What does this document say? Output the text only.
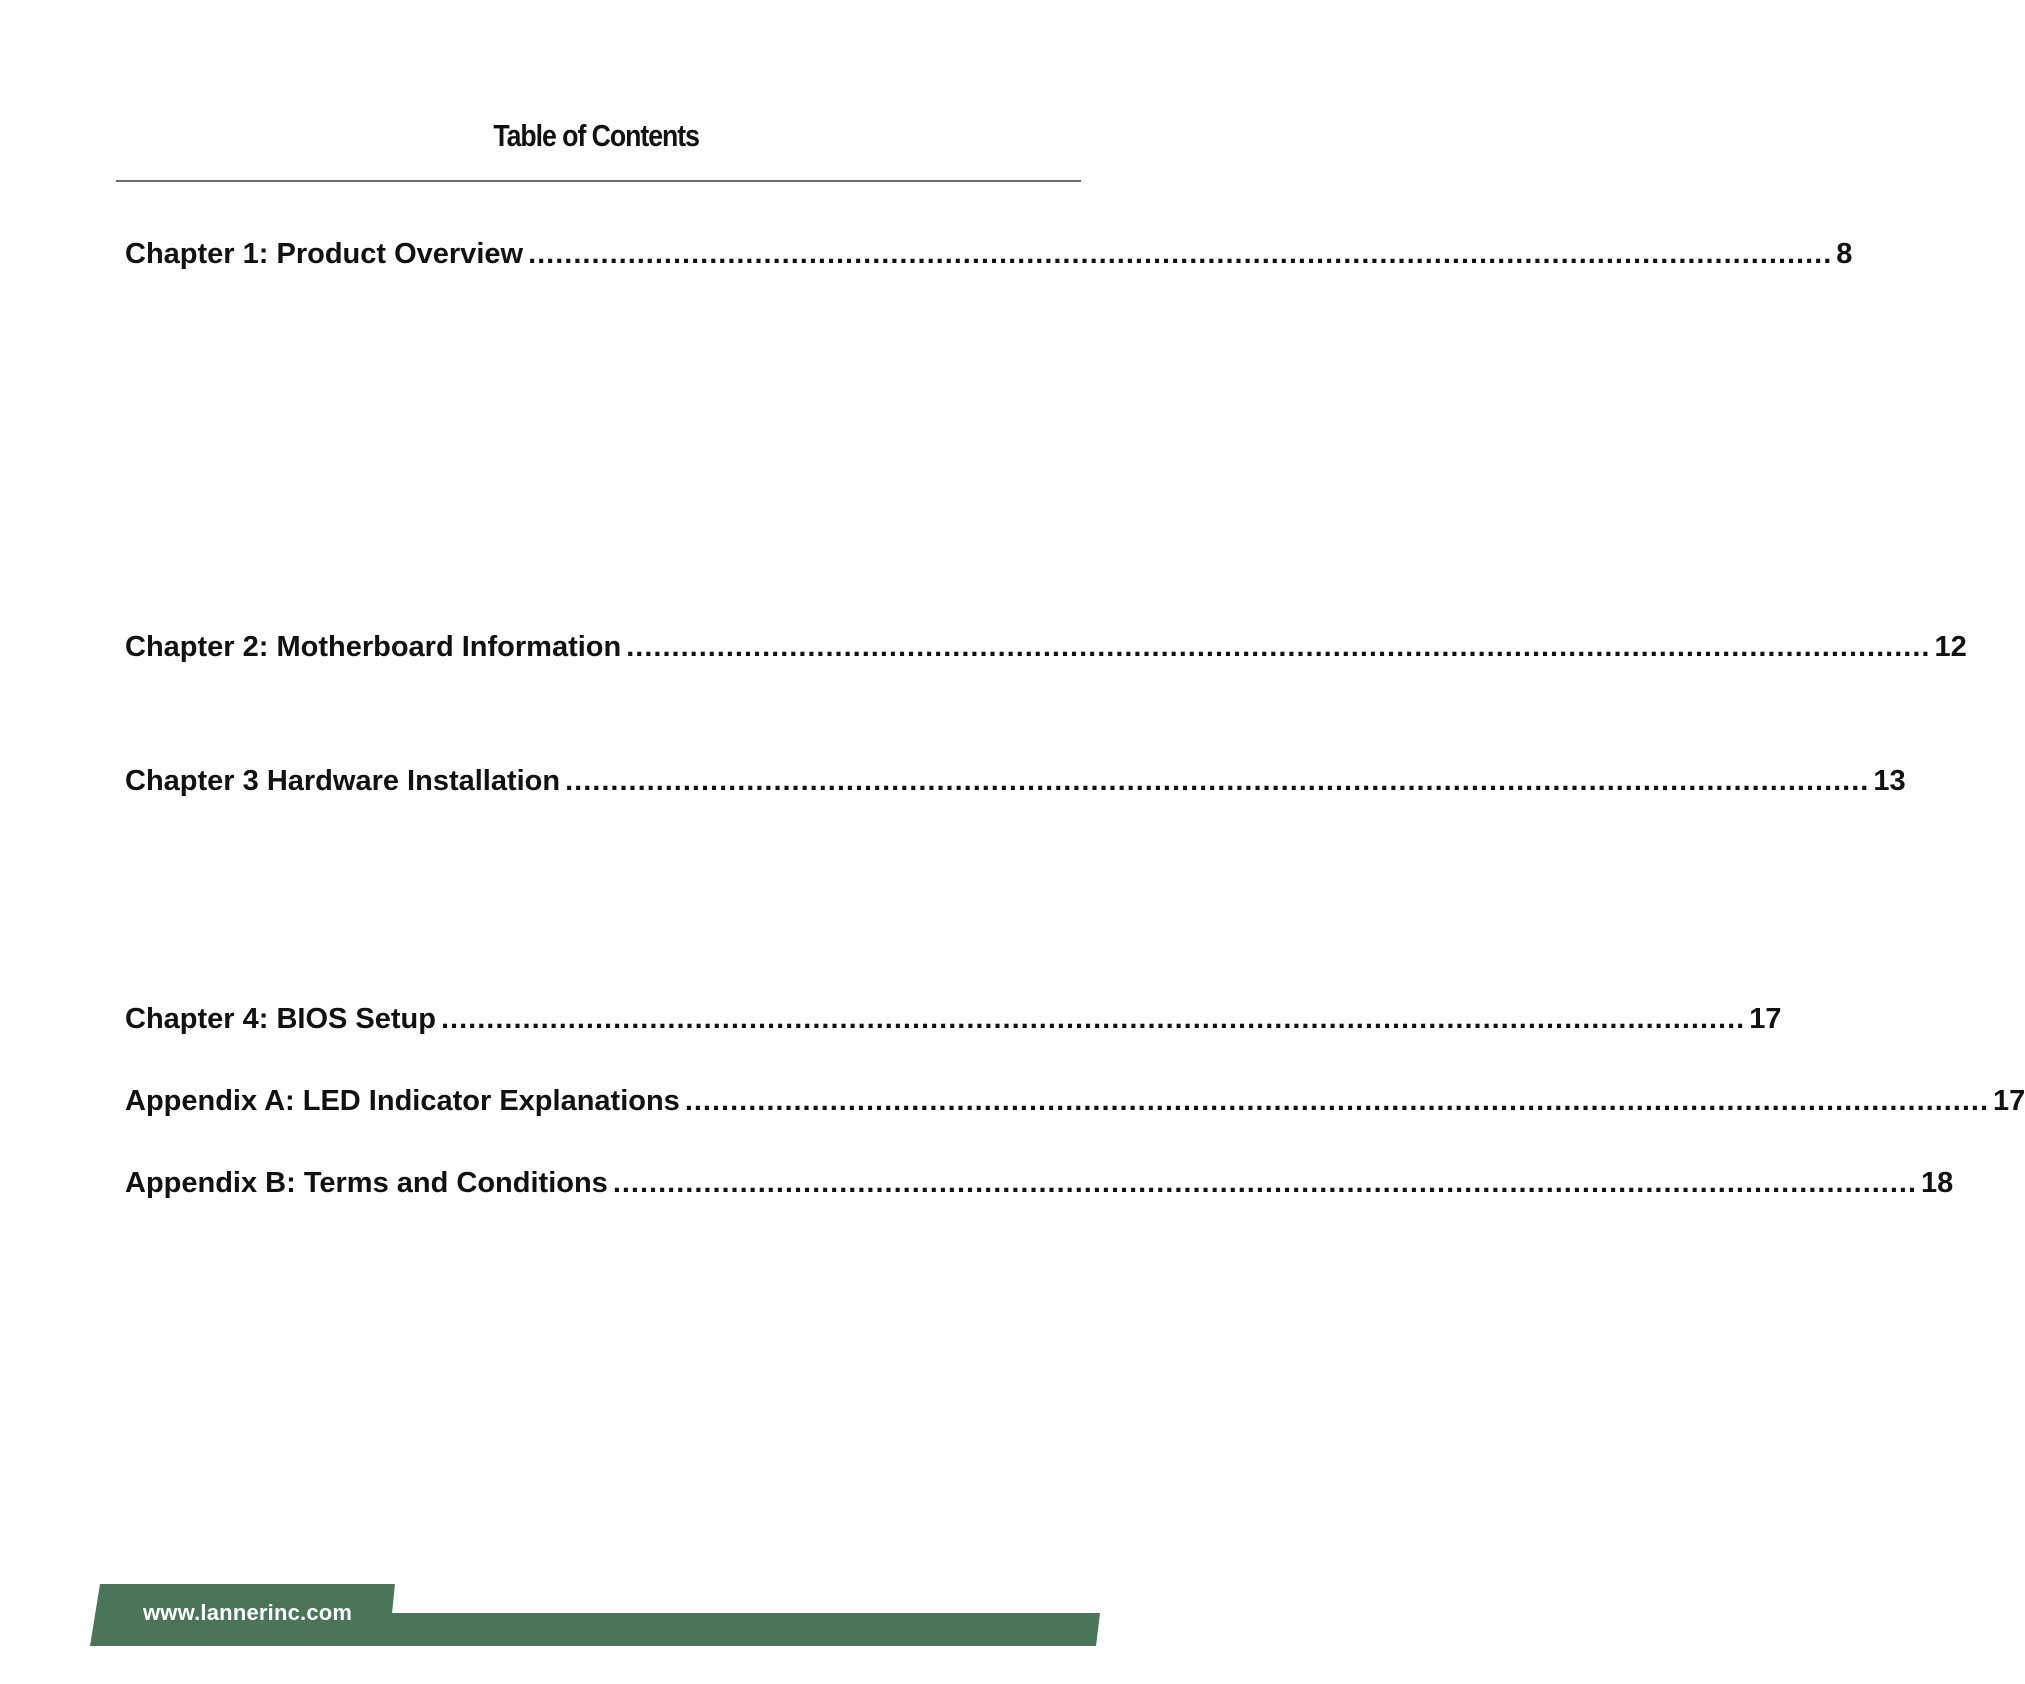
Table of Contents
Chapter 1: Product Overview ................................................................................................................................................ 8
Chapter 2: Motherboard Information ................................................................................................................................................ 12
Chapter 3 Hardware Installation ................................................................................................................................................ 13
Chapter 4: BIOS Setup ................................................................................................................................................ 17
Appendix A: LED Indicator Explanations ................................................................................................................................................ 17
Appendix B: Terms and Conditions ................................................................................................................................................ 18
www.lannerinc.com
